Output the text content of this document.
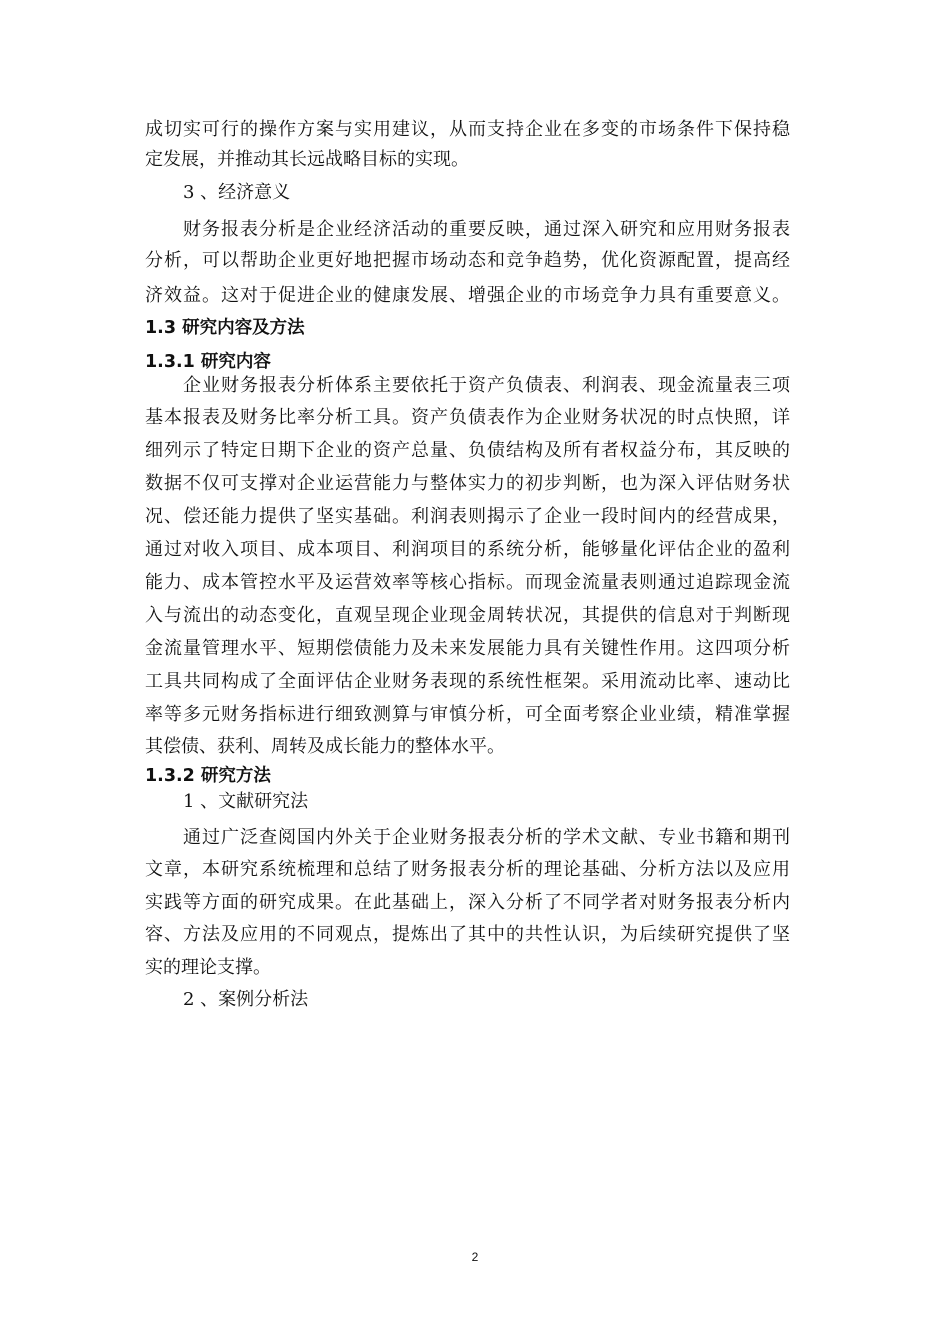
成切实可行的操作方案与实用建议，从而支持企业在多变的市场条件下保持稳
定发展，并推动其长远战略目标的实现。
3 、经济意义
财务报表分析是企业经济活动的重要反映，通过深入研究和应用财务报表
分析，可以帮助企业更好地把握市场动态和竞争趋势，优化资源配置，提高经
济效益。这对于促进企业的健康发展、增强企业的市场竞争力具有重要意义。
1.3 研究内容及方法
1.3.1 研究内容
企业财务报表分析体系主要依托于资产负债表、利润表、现金流量表三项
基本报表及财务比率分析工具。资产负债表作为企业财务状况的时点快照，详
细列示了特定日期下企业的资产总量、负债结构及所有者权益分布，其反映的
数据不仅可支撑对企业运营能力与整体实力的初步判断，也为深入评估财务状
况、偿还能力提供了坚实基础。利润表则揭示了企业一段时间内的经营成果，
通过对收入项目、成本项目、利润项目的系统分析，能够量化评估企业的盈利
能力、成本管控水平及运营效率等核心指标。而现金流量表则通过追踪现金流
入与流出的动态变化，直观呈现企业现金周转状况，其提供的信息对于判断现
金流量管理水平、短期偿债能力及未来发展能力具有关键性作用。这四项分析
工具共同构成了全面评估企业财务表现的系统性框架。采用流动比率、速动比
率等多元财务指标进行细致测算与审慎分析，可全面考察企业业绩，精准掌握
其偿债、获利、周转及成长能力的整体水平。
1.3.2 研究方法
1 、文献研究法
通过广泛查阅国内外关于企业财务报表分析的学术文献、专业书籍和期刊
文章，本研究系统梳理和总结了财务报表分析的理论基础、分析方法以及应用
实践等方面的研究成果。在此基础上，深入分析了不同学者对财务报表分析内
容、方法及应用的不同观点，提炼出了其中的共性认识，为后续研究提供了坚
实的理论支撑。
2 、案例分析法
2
